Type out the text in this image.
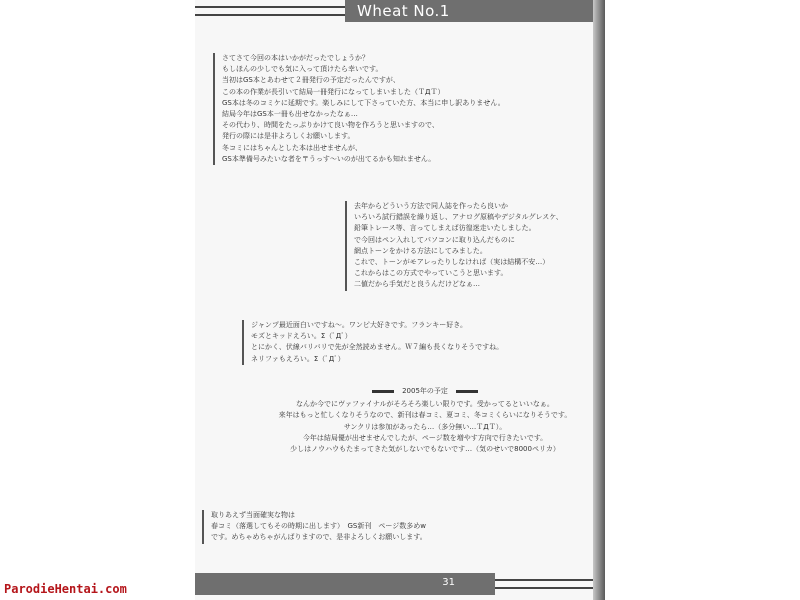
Wheat No.1
さてさて今回の本はいかがだったでしょうか？
もしほんの少しでも気に入って頂けたら幸いです。
当初はGS本とあわせて２冊発行の予定だったんですが、
この本の作業が長引いて結局一冊発行になってしまいました（ＴДＴ）
GS本は冬のコミケに延期です。楽しみにして下さっていた方、本当に申し訳ありません。
結局今年はGS本一冊も出せなかったなぁ…
その代わり、時間をたっぷりかけて良い物を作ろうと思いますので、
発行の際には是非よろしくお願いします。
冬コミにはちゃんとした本は出せませんが、
GS本準備号みたいな者を〒うっす〜いのが出てるかも知れません。
去年からどういう方法で同人誌を作ったら良いか
いろいろ試行錯誤を繰り返し、アナログ原稿やデジタルグレスケ、
鉛筆トレース等、言ってしまえば彷徨迷走いたしました。
で今回はペン入れしてパソコンに取り込んだものに
網点トーンをかける方法にしてみました。
これで、トーンがモアレったりしなければ（実は結構不安…）
これからはこの方式でやっていこうと思います。
二値だから手気だと良うんだけどなぁ…
ジャンプ最近面白いですね〜。ワンピ大好きです。フランキー好き。
モズとキッドえろい。Σ（ﾟДﾟ）
とにかく、伏線バリバリで先が全然読めません。Ｗ７編も長くなりそうですね。
ネリファもえろい。Σ（ﾟДﾟ）
2005年の予定
なんか今でにヴァファイナルがそろそろ楽しい限りです。受かってるといいなぁ。
来年はもっと忙しくなりそうなので、新刊は春コミ、夏コミ、冬コミくらいになりそうです。
サンクリは参加があったら…（多分無い…ＴДＴ）。
今年は結局優が出せませんでしたが、ページ数を増やす方向で行きたいです。
少しはノウハウもたまってきた気がしないでもないです…（気のせいで8000ペリカ）
取りあえず当面確実な物は
春コミ（落選してもその時期に出します）　GS新刊　ページ数多めw
です。めちゃめちゃがんばりますので、是非よろしくお願いします。
31
ParodieHentai.com
